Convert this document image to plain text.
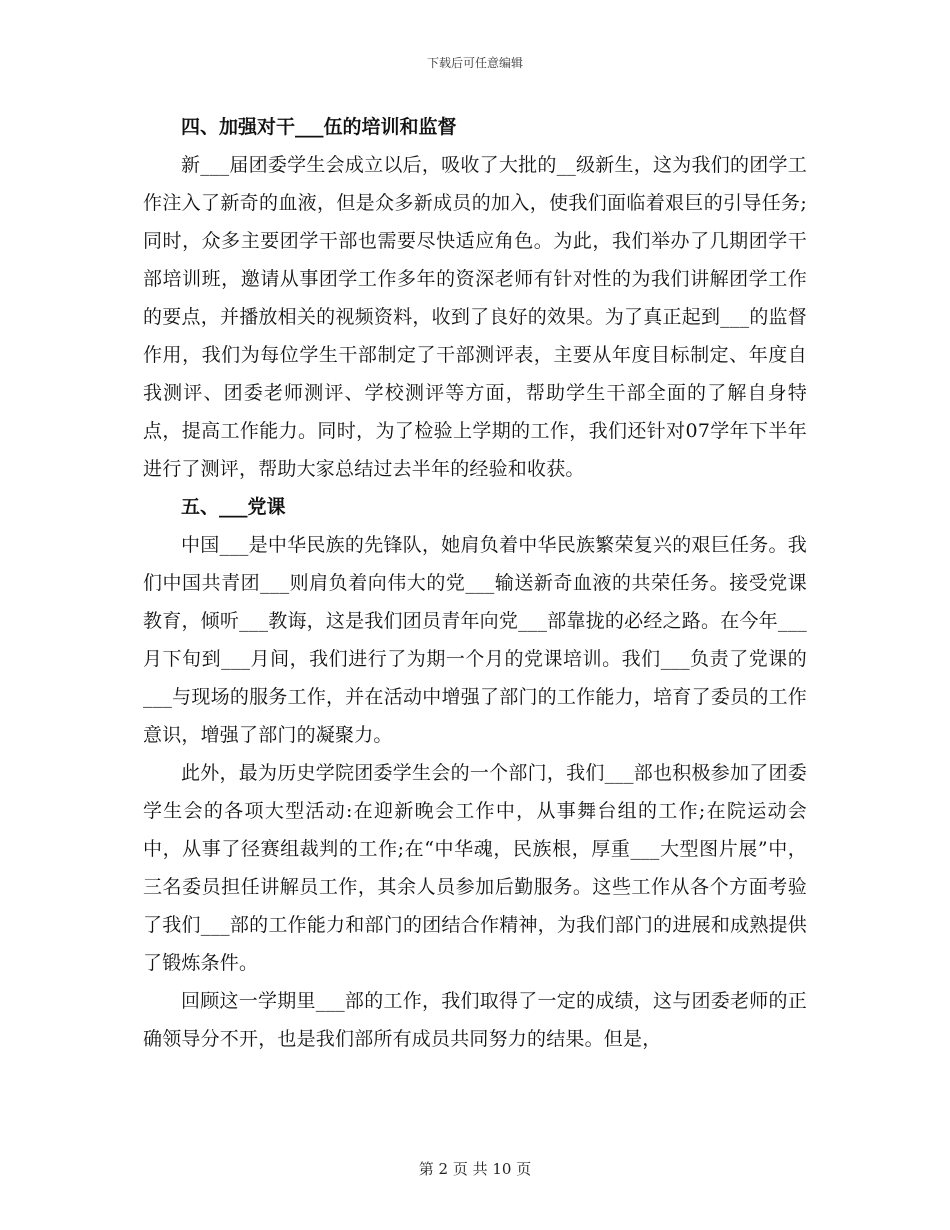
下载后可任意编辑

四、加强对干___伍的培训和监督

新___届团委学生会成立以后，吸收了大批的__级新生，这为我们的团学工作注入了新奇的血液，但是众多新成员的加入，使我们面临着艰巨的引导任务;同时，众多主要团学干部也需要尽快适应角色。为此，我们举办了几期团学干部培训班，邀请从事团学工作多年的资深老师有针对性的为我们讲解团学工作的要点，并播放相关的视频资料，收到了良好的效果。为了真正起到___的监督作用，我们为每位学生干部制定了干部测评表，主要从年度目标制定、年度自我测评、团委老师测评、学校测评等方面，帮助学生干部全面的了解自身特点，提高工作能力。同时，为了检验上学期的工作，我们还针对07学年下半年进行了测评，帮助大家总结过去半年的经验和收获。

五、___党课

中国___是中华民族的先锋队，她肩负着中华民族繁荣复兴的艰巨任务。我们中国共青团___则肩负着向伟大的党___输送新奇血液的共荣任务。接受党课教育，倾听___教诲，这是我们团员青年向党___部靠拢的必经之路。在今年___月下旬到___月间，我们进行了为期一个月的党课培训。我们___负责了党课的___与现场的服务工作，并在活动中增强了部门的工作能力，培育了委员的工作意识，增强了部门的凝聚力。

此外，最为历史学院团委学生会的一个部门，我们___部也积极参加了团委学生会的各项大型活动:在迎新晚会工作中，从事舞台组的工作;在院运动会中，从事了径赛组裁判的工作;在“中华魂，民族根，厚重___大型图片展”中，三名委员担任讲解员工作，其余人员参加后勤服务。这些工作从各个方面考验了我们___部的工作能力和部门的团结合作精神，为我们部门的进展和成熟提供了锻炼条件。

回顾这一学期里___部的工作，我们取得了一定的成绩，这与团委老师的正确领导分不开，也是我们部所有成员共同努力的结果。但是，

第 2 页 共 10 页
